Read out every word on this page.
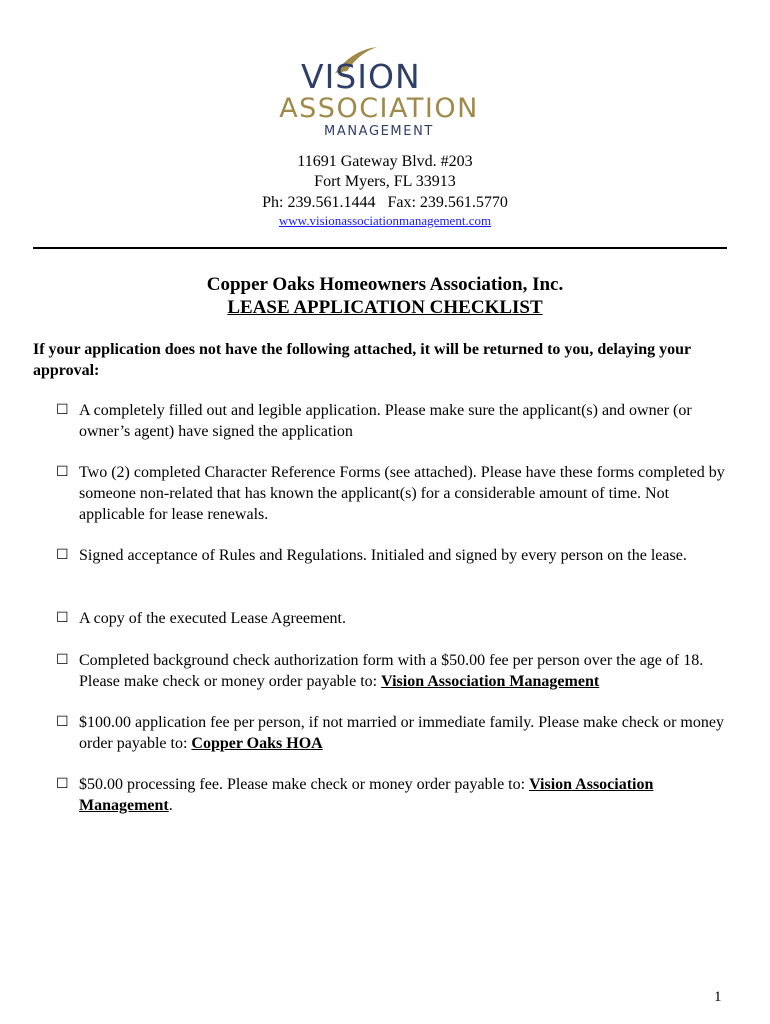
VISION
ASSOCIATION
MANAGEMENT
11691 Gateway Blvd. #203
Fort Myers, FL 33913
Ph: 239.561.1444   Fax: 239.561.5770
www.visionassociationmanagement.com
Copper Oaks Homeowners Association, Inc.
LEASE APPLICATION CHECKLIST
If your application does not have the following attached, it will be returned to you, delaying your approval:
☐ A completely filled out and legible application. Please make sure the applicant(s) and owner (or owner’s agent) have signed the application
☐ Two (2) completed Character Reference Forms (see attached). Please have these forms completed by someone non-related that has known the applicant(s) for a considerable amount of time. Not applicable for lease renewals.
☐ Signed acceptance of Rules and Regulations. Initialed and signed by every person on the lease.
☐ A copy of the executed Lease Agreement.
☐ Completed background check authorization form with a $50.00 fee per person over the age of 18. Please make check or money order payable to: Vision Association Management
☐ $100.00 application fee per person, if not married or immediate family. Please make check or money order payable to: Copper Oaks HOA
☐ $50.00 processing fee. Please make check or money order payable to: Vision Association Management.
1
